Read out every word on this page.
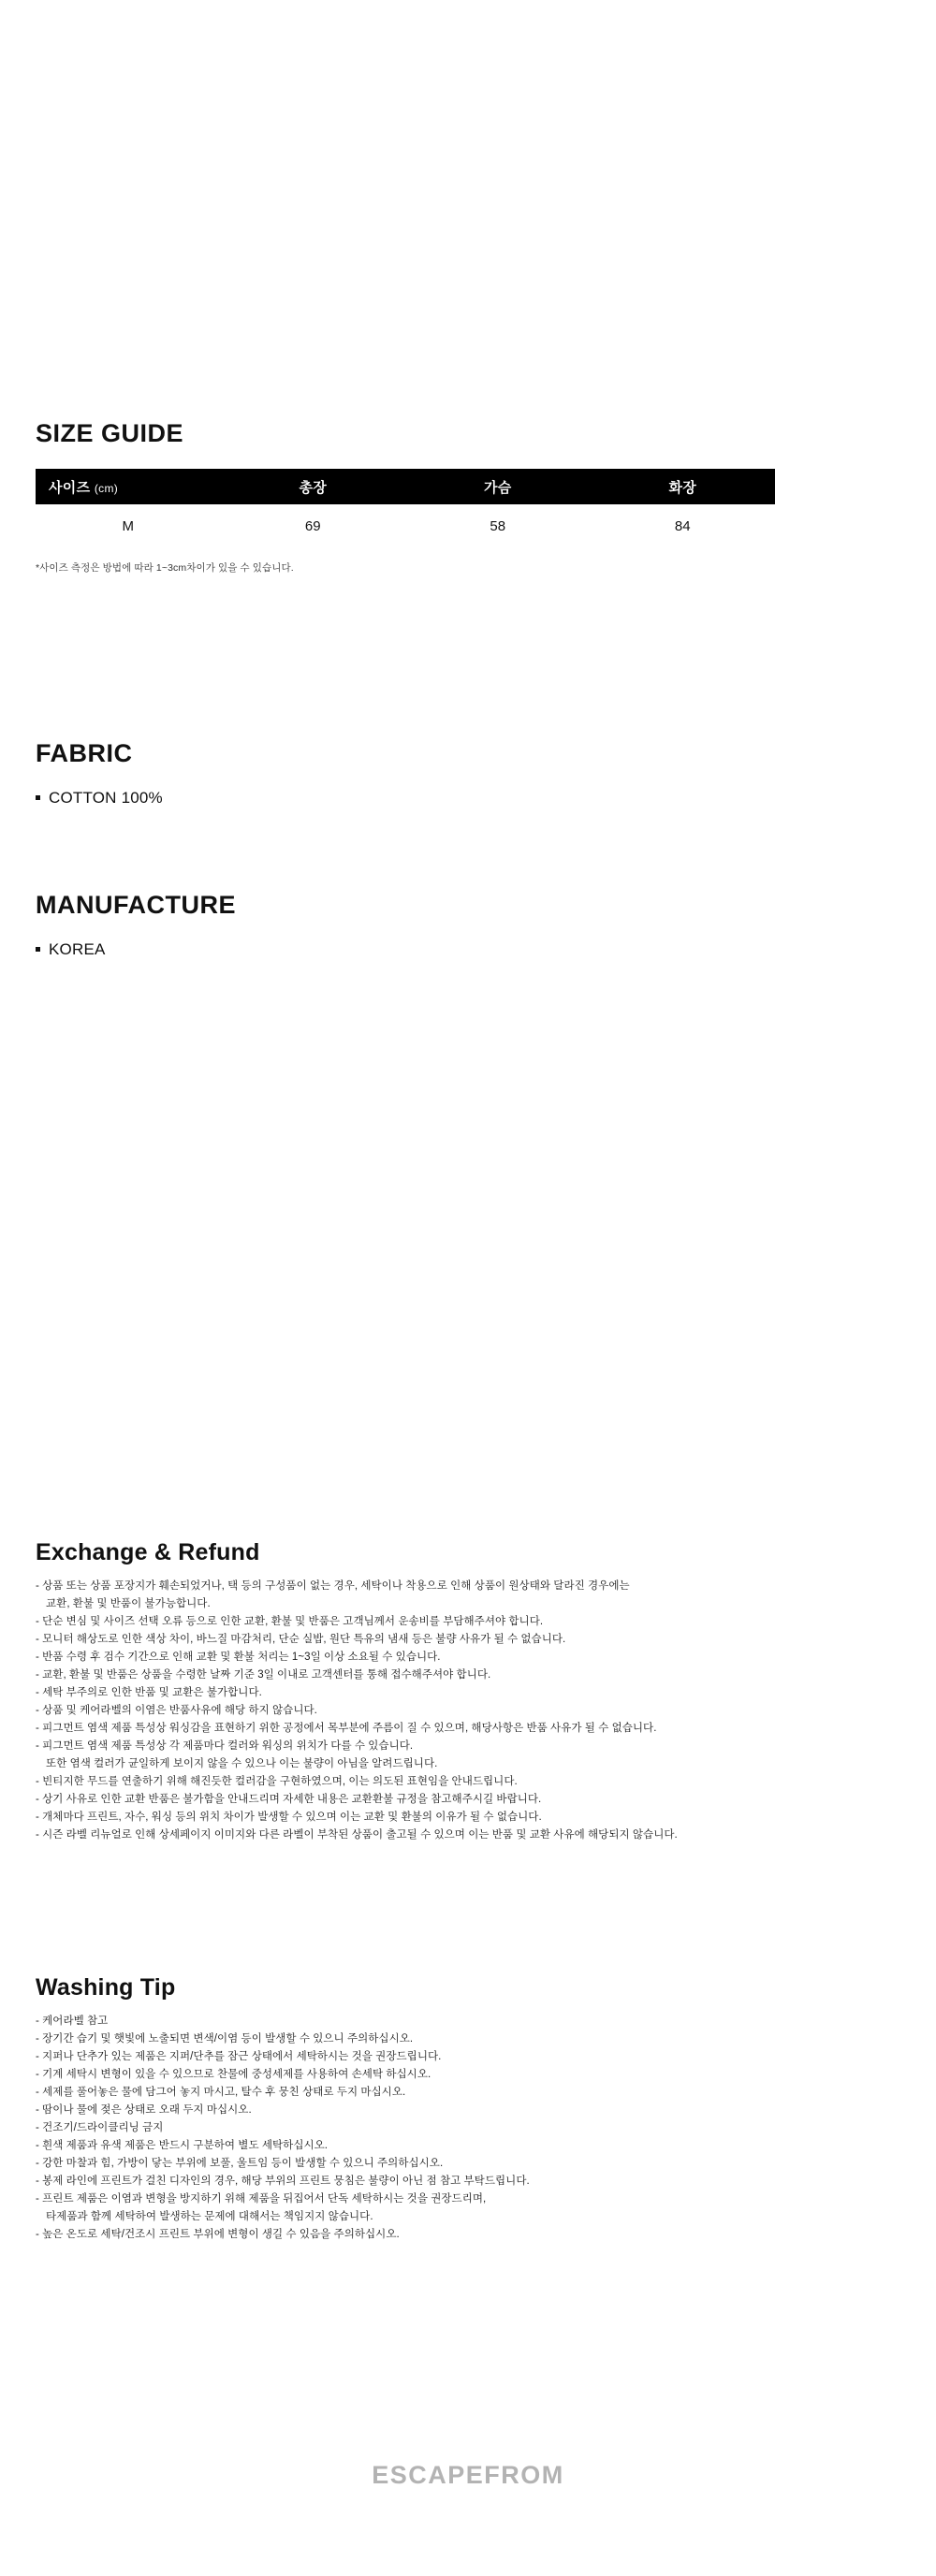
SIZE GUIDE
사이즈 (cm)	총장	가슴	화장
M	69	58	84
*사이즈 측정은 방법에 따라 1~3cm차이가 있을 수 있습니다.
FABRIC
COTTON 100%
MANUFACTURE
KOREA
Exchange & Refund
- 상품 또는 상품 포장지가 훼손되었거나, 택 등의 구성품이 없는 경우, 세탁이나 착용으로 인해 상품이 원상태와 달라진 경우에는
교환, 환불 및 반품이 불가능합니다.
- 단순 변심 및 사이즈 선택 오류 등으로 인한 교환, 환불 및 반품은 고객님께서 운송비를 부담해주셔야 합니다.
- 모니터 해상도로 인한 색상 차이, 바느질 마감처리, 단순 실밥, 원단 특유의 냄새 등은 불량 사유가 될 수 없습니다.
- 반품 수령 후 검수 기간으로 인해 교환 및 환불 처리는 1~3일 이상 소요될 수 있습니다.
- 교환, 환불 및 반품은 상품을 수령한 날짜 기준 3일 이내로 고객센터를 통해 접수해주셔야 합니다.
- 세탁 부주의로 인한 반품 및 교환은 불가합니다.
- 상품 및 케어라벨의 이염은 반품사유에 해당 하지 않습니다.
- 피그먼트 염색 제품 특성상 워싱감을 표현하기 위한 공정에서 목부분에 주름이 질 수 있으며, 해당사항은 반품 사유가 될 수 없습니다.
- 피그먼트 염색 제품 특성상 각 제품마다 컬러와 워싱의 위치가 다를 수 있습니다.
또한 염색 컬러가 균일하게 보이지 않을 수 있으나 이는 불량이 아님을 알려드립니다.
- 빈티지한 무드를 연출하기 위해 해진듯한 컬러감을 구현하였으며, 이는 의도된 표현임을 안내드립니다.
- 상기 사유로 인한 교환 반품은 불가함을 안내드리며 자세한 내용은 교환환불 규정을 참고해주시길 바랍니다.
- 개체마다 프린트, 자수, 워싱 등의 위치 차이가 발생할 수 있으며 이는 교환 및 환불의 이유가 될 수 없습니다.
- 시즌 라벨 리뉴얼로 인해 상세페이지 이미지와 다른 라벨이 부착된 상품이 출고될 수 있으며 이는 반품 및 교환 사유에 해당되지 않습니다.
Washing Tip
- 케어라벨 참고
- 장기간 습기 및 햇빛에 노출되면 변색/이염 등이 발생할 수 있으니 주의하십시오.
- 지퍼나 단추가 있는 제품은 지퍼/단추를 잠근 상태에서 세탁하시는 것을 권장드립니다.
- 기계 세탁시 변형이 있을 수 있으므로 찬물에 중성세제를 사용하여 손세탁 하십시오.
- 세제를 풀어놓은 물에 담그어 놓지 마시고, 탈수 후 뭉친 상태로 두지 마십시오.
- 땀이나 물에 젖은 상태로 오래 두지 마십시오.
- 건조기/드라이클리닝 금지
- 흰색 제품과 유색 제품은 반드시 구분하여 별도 세탁하십시오.
- 강한 마찰과 힘, 가방이 닿는 부위에 보풀, 울트임 등이 발생할 수 있으니 주의하십시오.
- 봉제 라인에 프린트가 걸친 디자인의 경우, 해당 부위의 프린트 뭉침은 불량이 아닌 점 참고 부탁드립니다.
- 프린트 제품은 이염과 변형을 방지하기 위해 제품을 뒤집어서 단독 세탁하시는 것을 권장드리며,
타제품과 함께 세탁하여 발생하는 문제에 대해서는 책임지지 않습니다.
- 높은 온도로 세탁/건조시 프린트 부위에 변형이 생길 수 있음을 주의하십시오.
ESCAPEFROM
